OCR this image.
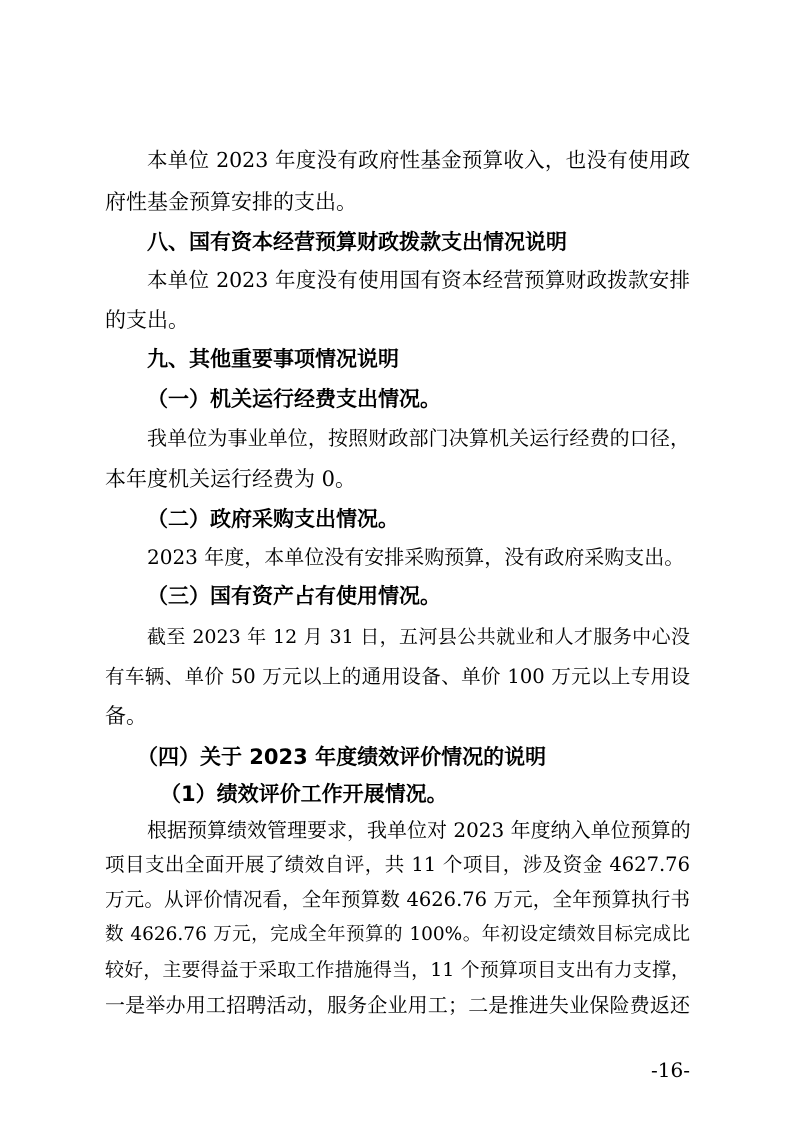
本单位 2023 年度没有政府性基金预算收入，也没有使用政

府性基金预算安排的支出。

八、国有资本经营预算财政拨款支出情况说明

本单位 2023 年度没有使用国有资本经营预算财政拨款安排

的支出。

九、其他重要事项情况说明

（一）机关运行经费支出情况。

我单位为事业单位，按照财政部门决算机关运行经费的口径，

本年度机关运行经费为 0。

（二）政府采购支出情况。

2023 年度，本单位没有安排采购预算，没有政府采购支出。

（三）国有资产占有使用情况。

截至 2023 年 12 月 31 日，五河县公共就业和人才服务中心没

有车辆、单价 50 万元以上的通用设备、单价 100 万元以上专用设

备。

（四）关于 2023 年度绩效评价情况的说明

（1）绩效评价工作开展情况。

根据预算绩效管理要求，我单位对 2023 年度纳入单位预算的

项目支出全面开展了绩效自评，共 11 个项目，涉及资金 4627.76

万元。从评价情况看，全年预算数 4626.76 万元，全年预算执行书

数 4626.76 万元，完成全年预算的 100%。年初设定绩效目标完成比

较好，主要得益于采取工作措施得当，11 个预算项目支出有力支撑，

一是举办用工招聘活动，服务企业用工；二是推进失业保险费返还

-16-
